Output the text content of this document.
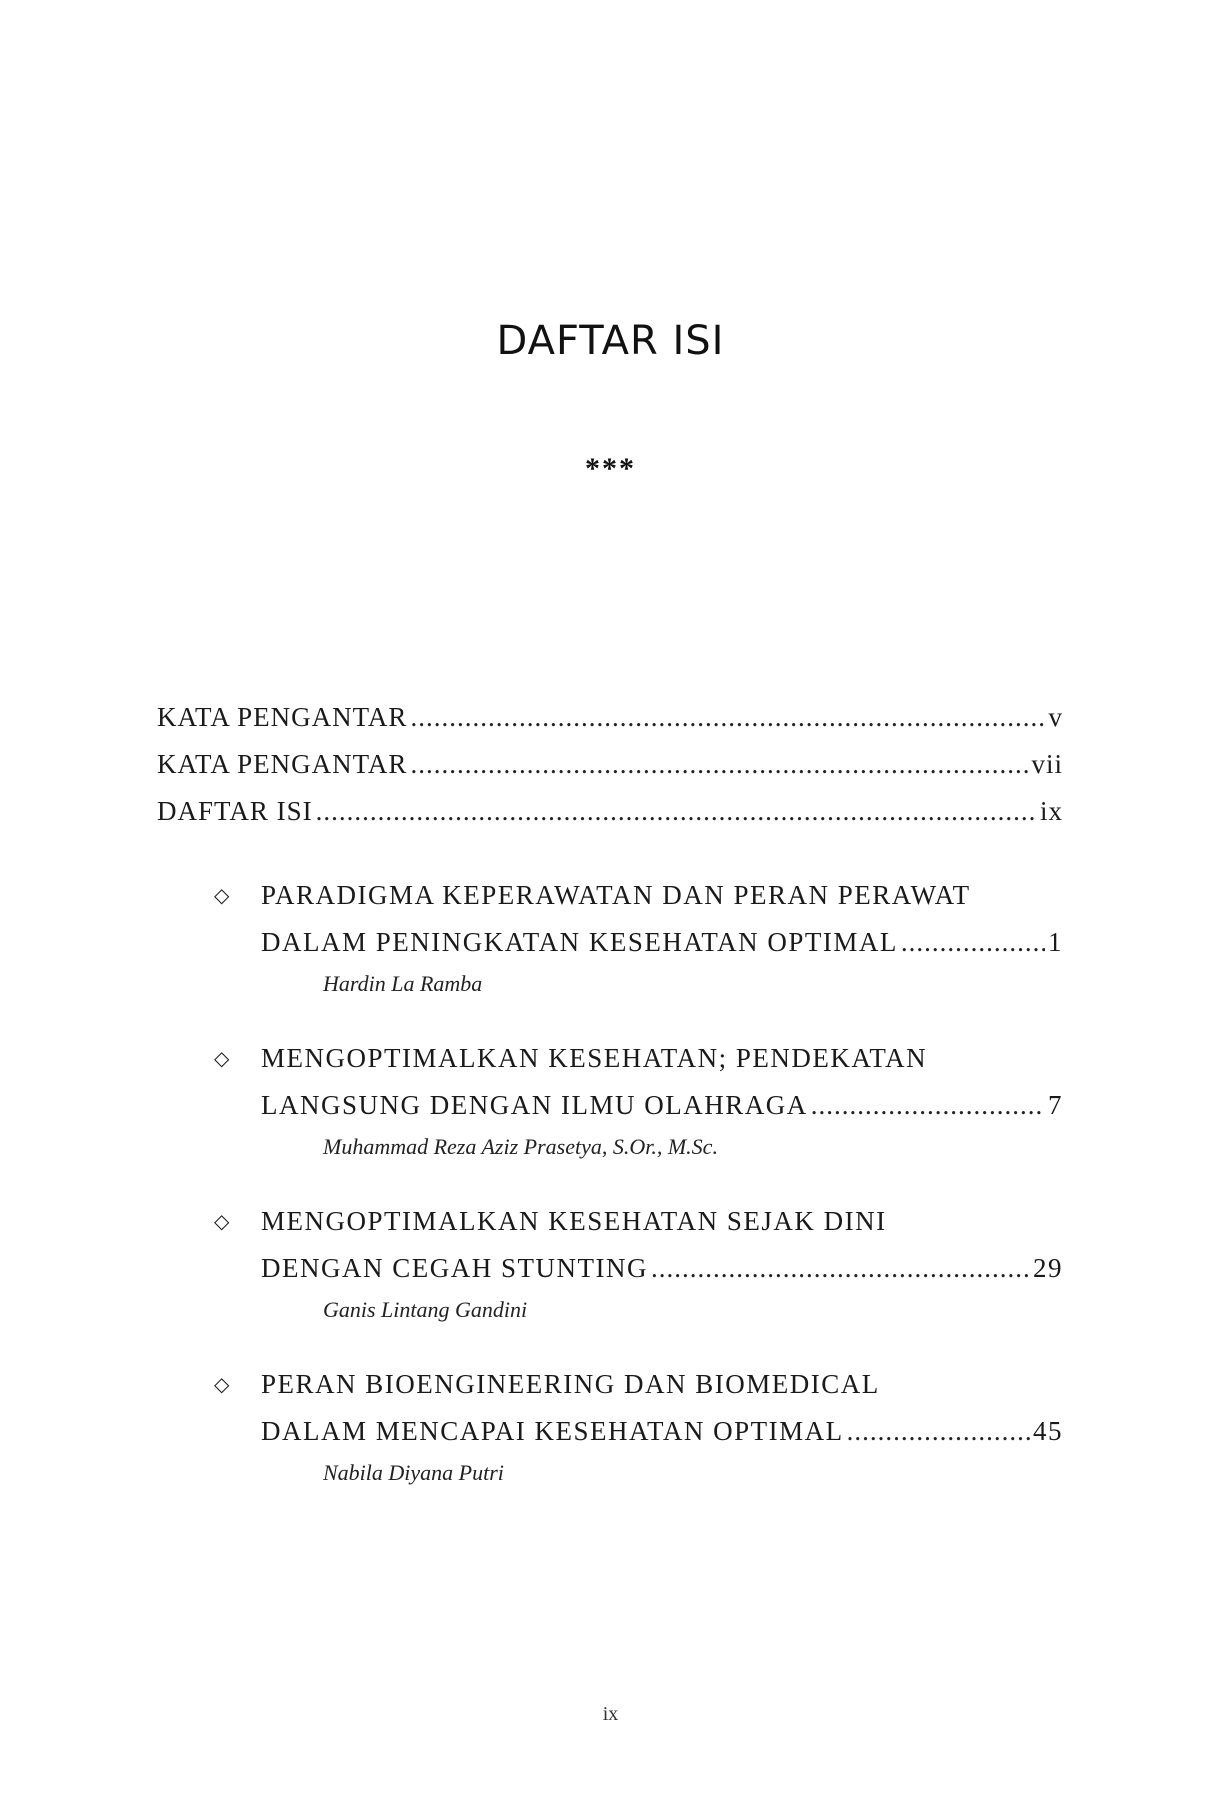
DAFTAR ISI
***
KATA PENGANTAR .....	v
KATA PENGANTAR .....	vii
DAFTAR ISI .....	ix
◇ PARADIGMA KEPERAWATAN DAN PERAN PERAWAT
DALAM PENINGKATAN KESEHATAN OPTIMAL .....	1
Hardin La Ramba
◇ MENGOPTIMALKAN KESEHATAN; PENDEKATAN
LANGSUNG DENGAN ILMU OLAHRAGA .....	7
Muhammad Reza Aziz Prasetya, S.Or., M.Sc.
◇ MENGOPTIMALKAN KESEHATAN SEJAK DINI
DENGAN CEGAH STUNTING .....	29
Ganis Lintang Gandini
◇ PERAN BIOENGINEERING DAN BIOMEDICAL
DALAM MENCAPAI KESEHATAN OPTIMAL .....	45
Nabila Diyana Putri
ix
